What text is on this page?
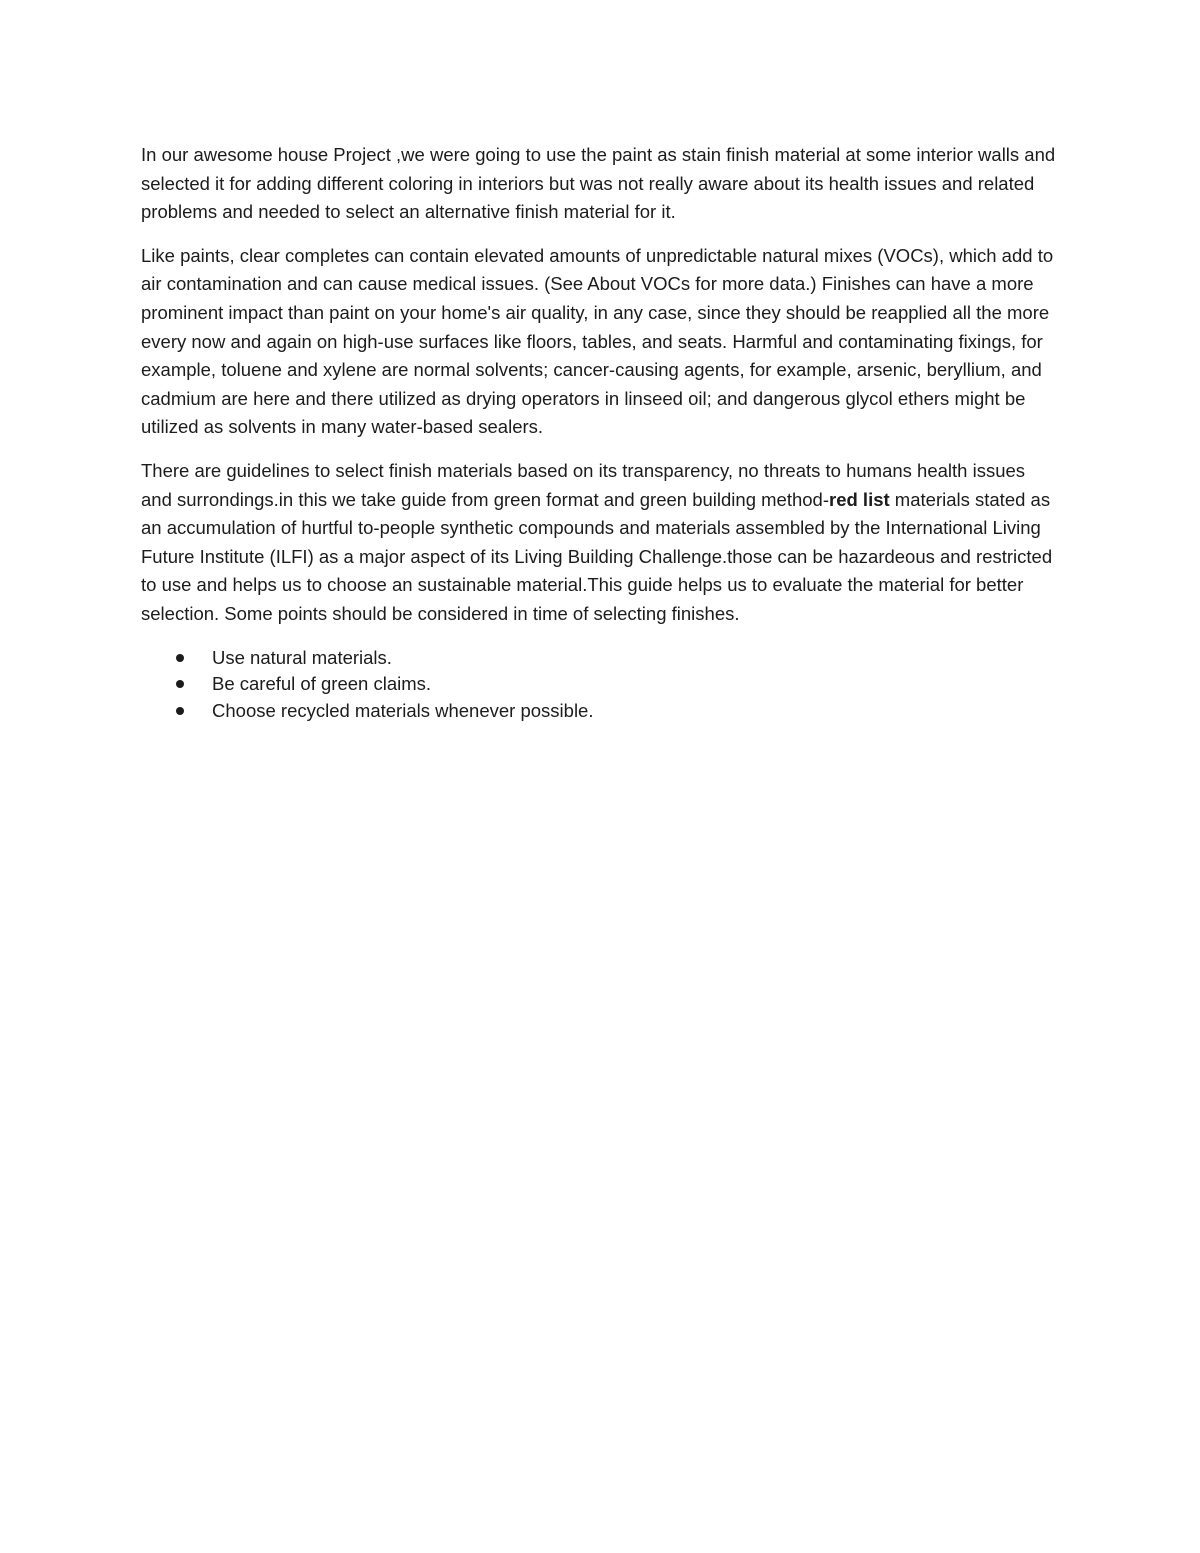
In our awesome house Project ,we were going to use the paint as stain finish material at some interior walls and selected it for adding different coloring in interiors but was not really aware about its health issues and related problems and needed to select an alternative finish material for it.

Like paints, clear completes can contain elevated amounts of unpredictable natural mixes (VOCs), which add to air contamination and can cause medical issues. (See About VOCs for more data.) Finishes can have a more prominent impact than paint on your home's air quality, in any case, since they should be reapplied all the more every now and again on high-use surfaces like floors, tables, and seats. Harmful and contaminating fixings, for example, toluene and xylene are normal solvents; cancer-causing agents, for example, arsenic, beryllium, and cadmium are here and there utilized as drying operators in linseed oil; and dangerous glycol ethers might be utilized as solvents in many water-based sealers.

There are guidelines to select finish materials based on its transparency, no threats to humans health issues and surrondings.in this we take guide from green format and green building method-red list materials stated as an accumulation of hurtful to-people synthetic compounds and materials assembled by the International Living Future Institute (ILFI) as a major aspect of its Living Building Challenge.those can be hazardeous and restricted to use and helps us to choose an sustainable material.This guide helps us to evaluate the material for better selection. Some points should be considered in time of selecting finishes.

Use natural materials.
Be careful of green claims.
Choose recycled materials whenever possible.
